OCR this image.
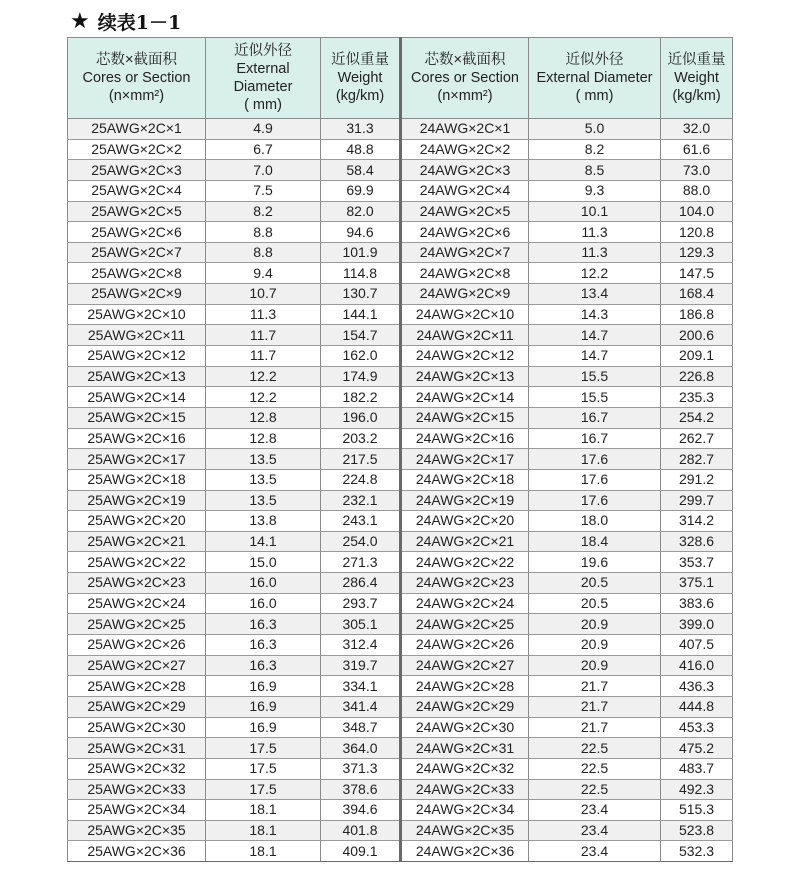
★ 续表1－1
芯数×截面积
Cores or Section
(n×mm²)	近似外径
External Diameter
( mm)	近似重量
Weight
(kg/km)	芯数×截面积
Cores or Section
(n×mm²)	近似外径
External Diameter
( mm)	近似重量
Weight
(kg/km)

25AWG×2C×1	4.9	31.3	24AWG×2C×1	5.0	32.0
25AWG×2C×2	6.7	48.8	24AWG×2C×2	8.2	61.6
25AWG×2C×3	7.0	58.4	24AWG×2C×3	8.5	73.0
25AWG×2C×4	7.5	69.9	24AWG×2C×4	9.3	88.0
25AWG×2C×5	8.2	82.0	24AWG×2C×5	10.1	104.0
25AWG×2C×6	8.8	94.6	24AWG×2C×6	11.3	120.8
25AWG×2C×7	8.8	101.9	24AWG×2C×7	11.3	129.3
25AWG×2C×8	9.4	114.8	24AWG×2C×8	12.2	147.5
25AWG×2C×9	10.7	130.7	24AWG×2C×9	13.4	168.4
25AWG×2C×10	11.3	144.1	24AWG×2C×10	14.3	186.8
25AWG×2C×11	11.7	154.7	24AWG×2C×11	14.7	200.6
25AWG×2C×12	11.7	162.0	24AWG×2C×12	14.7	209.1
25AWG×2C×13	12.2	174.9	24AWG×2C×13	15.5	226.8
25AWG×2C×14	12.2	182.2	24AWG×2C×14	15.5	235.3
25AWG×2C×15	12.8	196.0	24AWG×2C×15	16.7	254.2
25AWG×2C×16	12.8	203.2	24AWG×2C×16	16.7	262.7
25AWG×2C×17	13.5	217.5	24AWG×2C×17	17.6	282.7
25AWG×2C×18	13.5	224.8	24AWG×2C×18	17.6	291.2
25AWG×2C×19	13.5	232.1	24AWG×2C×19	17.6	299.7
25AWG×2C×20	13.8	243.1	24AWG×2C×20	18.0	314.2
25AWG×2C×21	14.1	254.0	24AWG×2C×21	18.4	328.6
25AWG×2C×22	15.0	271.3	24AWG×2C×22	19.6	353.7
25AWG×2C×23	16.0	286.4	24AWG×2C×23	20.5	375.1
25AWG×2C×24	16.0	293.7	24AWG×2C×24	20.5	383.6
25AWG×2C×25	16.3	305.1	24AWG×2C×25	20.9	399.0
25AWG×2C×26	16.3	312.4	24AWG×2C×26	20.9	407.5
25AWG×2C×27	16.3	319.7	24AWG×2C×27	20.9	416.0
25AWG×2C×28	16.9	334.1	24AWG×2C×28	21.7	436.3
25AWG×2C×29	16.9	341.4	24AWG×2C×29	21.7	444.8
25AWG×2C×30	16.9	348.7	24AWG×2C×30	21.7	453.3
25AWG×2C×31	17.5	364.0	24AWG×2C×31	22.5	475.2
25AWG×2C×32	17.5	371.3	24AWG×2C×32	22.5	483.7
25AWG×2C×33	17.5	378.6	24AWG×2C×33	22.5	492.3
25AWG×2C×34	18.1	394.6	24AWG×2C×34	23.4	515.3
25AWG×2C×35	18.1	401.8	24AWG×2C×35	23.4	523.8
25AWG×2C×36	18.1	409.1	24AWG×2C×36	23.4	532.3
